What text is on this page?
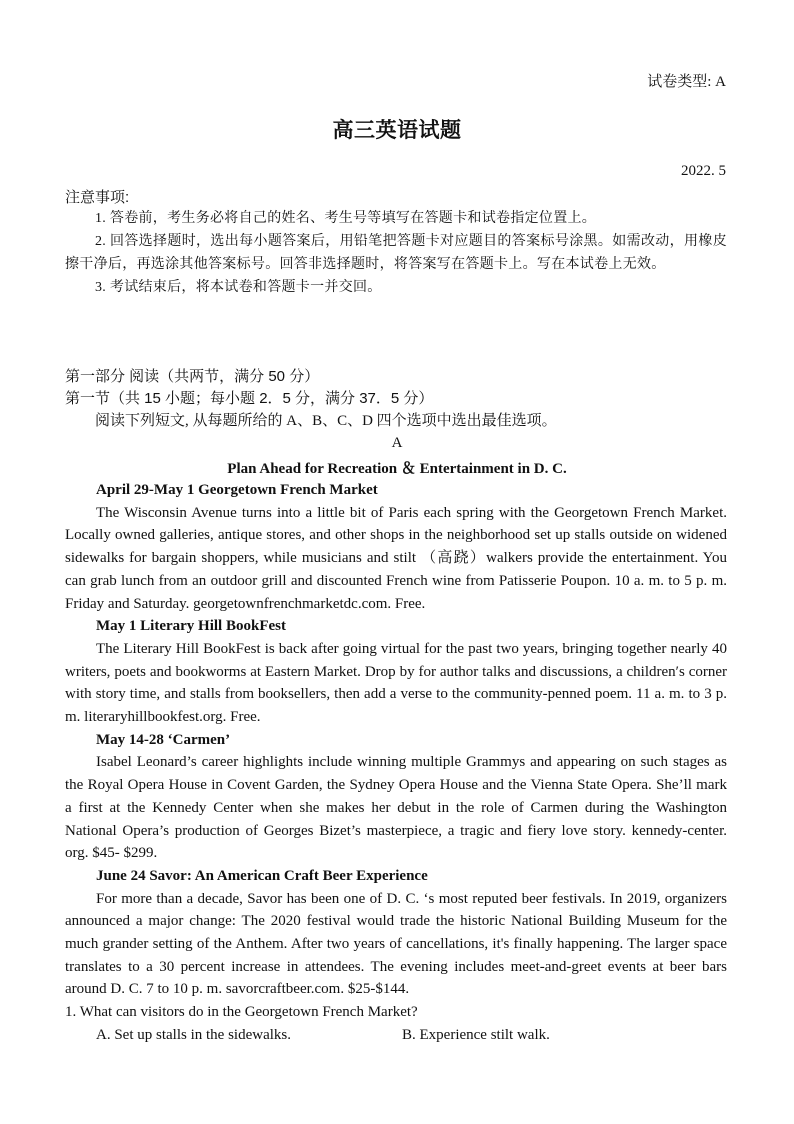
试卷类型: A
高三英语试题
2022. 5
注意事项:

1. 答卷前，考生务必将自己的姓名、考生号等填写在答题卡和试卷指定位置上。

2. 回答选择题时，选出每小题答案后，用铅笔把答题卡对应题目的答案标号涂黑。如需改动，用橡皮擦干净后，再选涂其他答案标号。回答非选择题时，将答案写在答题卡上。写在本试卷上无效。

3. 考试结束后，将本试卷和答题卡一并交回。

第一部分 阅读（共两节，满分 50 分）
第一节（共 15 小题；每小题 2．5 分，满分 37．5 分）
阅读下列短文, 从每题所给的 A、B、C、D 四个选项中选出最佳选项。
A
Plan Ahead for Recreation ＆ Entertainment in D. C.

April 29-May 1 Georgetown French Market

The Wisconsin Avenue turns into a little bit of Paris each spring with the Georgetown French Market. Locally owned galleries, antique stores, and other shops in the neighborhood set up stalls outside on widened sidewalks for bargain shoppers, while musicians and stilt （高跷）walkers provide the entertainment. You can grab lunch from an outdoor grill and discounted French wine from Patisserie Poupon. 10 a. m. to 5 p. m. Friday and Saturday. georgetownfrenchmarketdc.com. Free.

May 1 Literary Hill BookFest

The Literary Hill BookFest is back after going virtual for the past two years, bringing together nearly 40 writers, poets and bookworms at Eastern Market. Drop by for author talks and discussions, a children′s corner with story time, and stalls from booksellers, then add a verse to the community-penned poem. 11 a. m. to 3 p. m. literaryhillbookfest.org. Free.

May 14-28 ‘Carmen’

Isabel Leonard’s career highlights include winning multiple Grammys and appearing on such stages as the Royal Opera House in Covent Garden, the Sydney Opera House and the Vienna State Opera. She’ll mark a first at the Kennedy Center when she makes her debut in the role of Carmen during the Washington National Opera’s production of Georges Bizet’s masterpiece, a tragic and fiery love story. kennedy-center. org. $45- $299.

June 24 Savor: An American Craft Beer Experience

For more than a decade, Savor has been one of D. C. ‘s most reputed beer festivals. In 2019, organizers announced a major change: The 2020 festival would trade the historic National Building Museum for the much grander setting of the Anthem. After two years of cancellations, it's finally happening. The larger space translates to a 30 percent increase in attendees. The evening includes meet-and-greet events at beer bars around D. C. 7 to 10 p. m. savorcraftbeer.com. $25-$144.

1. What can visitors do in the Georgetown French Market?

A. Set up stalls in the sidewalks.	B. Experience stilt walk.
